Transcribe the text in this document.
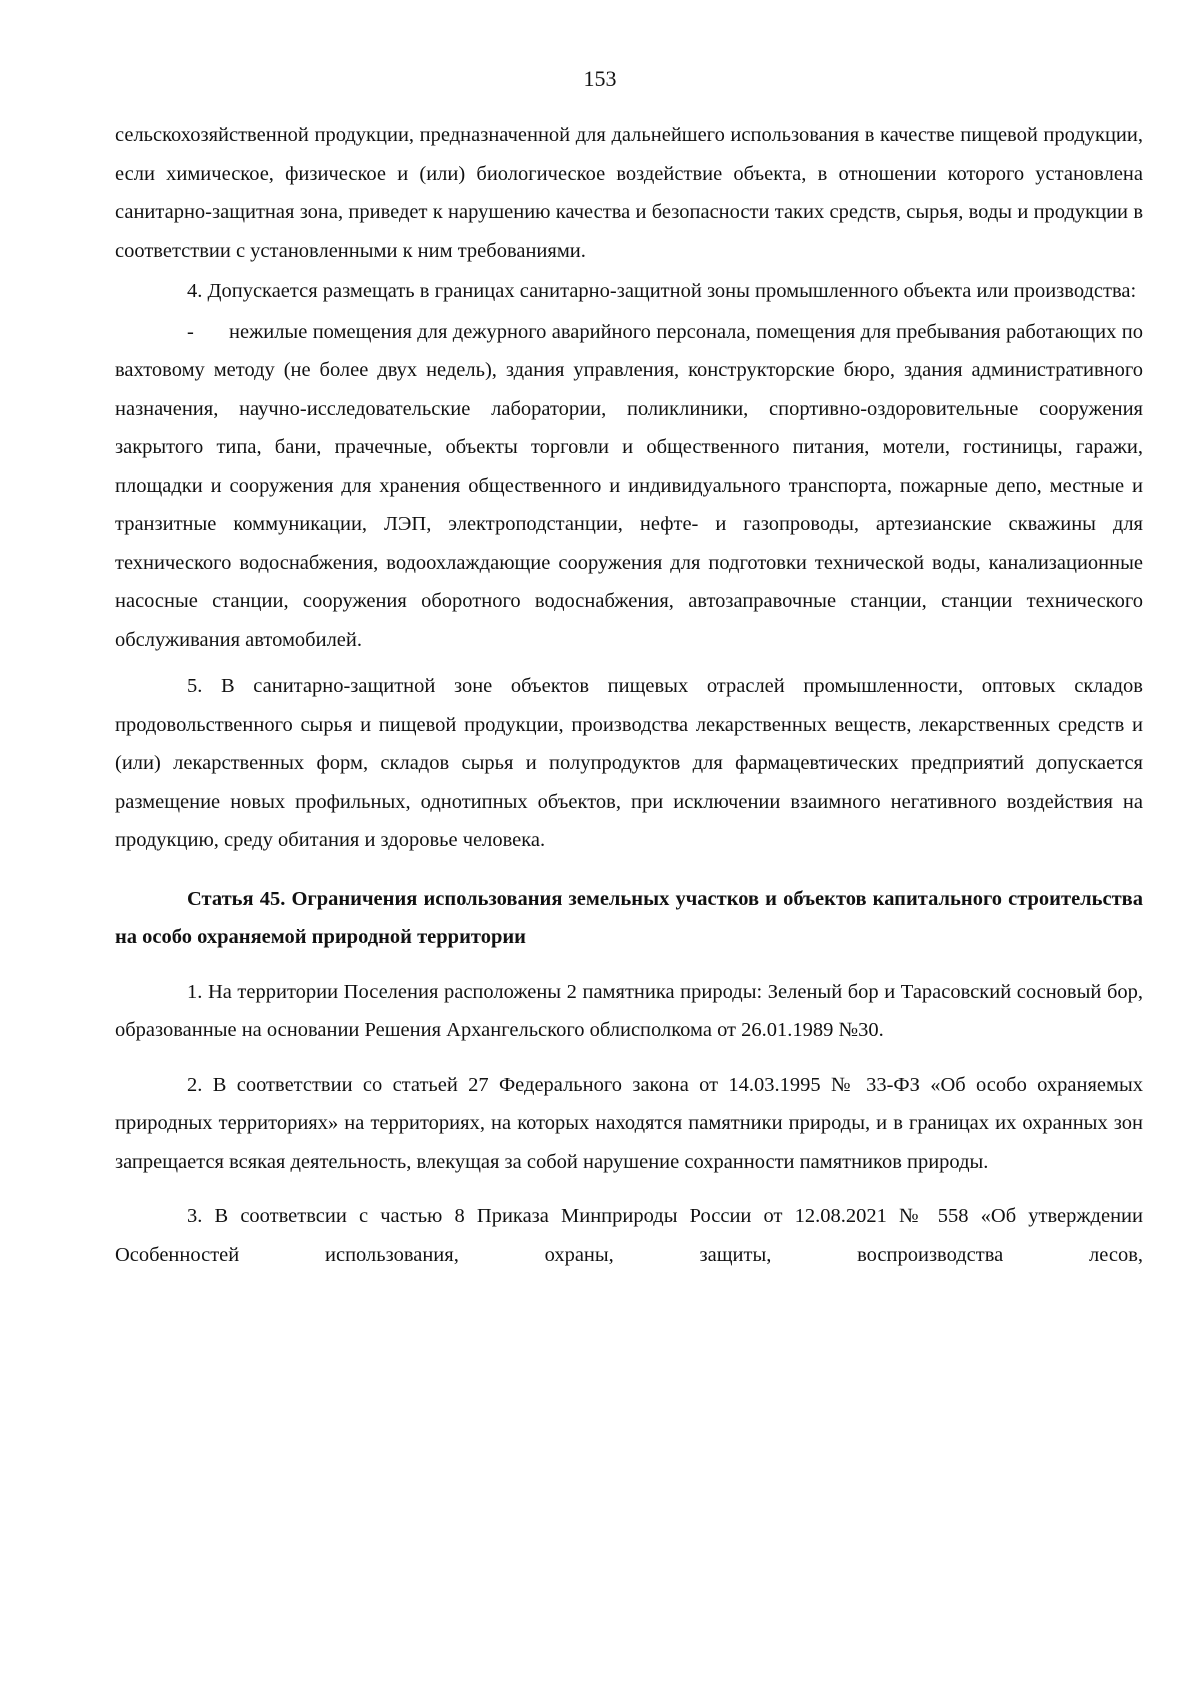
153

сельскохозяйственной продукции, предназначенной для дальнейшего использования в качестве пищевой продукции, если химическое, физическое и (или) биологическое воздействие объекта, в отношении которого установлена санитарно-защитная зона, приведет к нарушению качества и безопасности таких средств, сырья, воды и продукции в соответствии с установленными к ним требованиями.

4. Допускается размещать в границах санитарно-защитной зоны промышленного объекта или производства:

- нежилые помещения для дежурного аварийного персонала, помещения для пребывания работающих по вахтовому методу (не более двух недель), здания управления, конструкторские бюро, здания административного назначения, научно-исследовательские лаборатории, поликлиники, спортивно-оздоровительные сооружения закрытого типа, бани, прачечные, объекты торговли и общественного питания, мотели, гостиницы, гаражи, площадки и сооружения для хранения общественного и индивидуального транспорта, пожарные депо, местные и транзитные коммуникации, ЛЭП, электроподстанции, нефте- и газопроводы, артезианские скважины для технического водоснабжения, водоохлаждающие сооружения для подготовки технической воды, канализационные насосные станции, сооружения оборотного водоснабжения, автозаправочные станции, станции технического обслуживания автомобилей.

5. В санитарно-защитной зоне объектов пищевых отраслей промышленности, оптовых складов продовольственного сырья и пищевой продукции, производства лекарственных веществ, лекарственных средств и (или) лекарственных форм, складов сырья и полупродуктов для фармацевтических предприятий допускается размещение новых профильных, однотипных объектов, при исключении взаимного негативного воздействия на продукцию, среду обитания и здоровье человека.

Статья 45. Ограничения использования земельных участков и объектов капитального строительства на особо охраняемой природной территории

1. На территории Поселения расположены 2 памятника природы: Зеленый бор и Тарасовский сосновый бор, образованные на основании Решения Архангельского облисполкома от 26.01.1989 №30.

2. В соответствии со статьей 27 Федерального закона от 14.03.1995 № 33-ФЗ «Об особо охраняемых природных территориях» на территориях, на которых находятся памятники природы, и в границах их охранных зон запрещается всякая деятельность, влекущая за собой нарушение сохранности памятников природы.

3. В соответвсии с частью 8 Приказа Минприроды России от 12.08.2021 № 558 «Об утверждении Особенностей использования, охраны, защиты, воспроизводства лесов,
